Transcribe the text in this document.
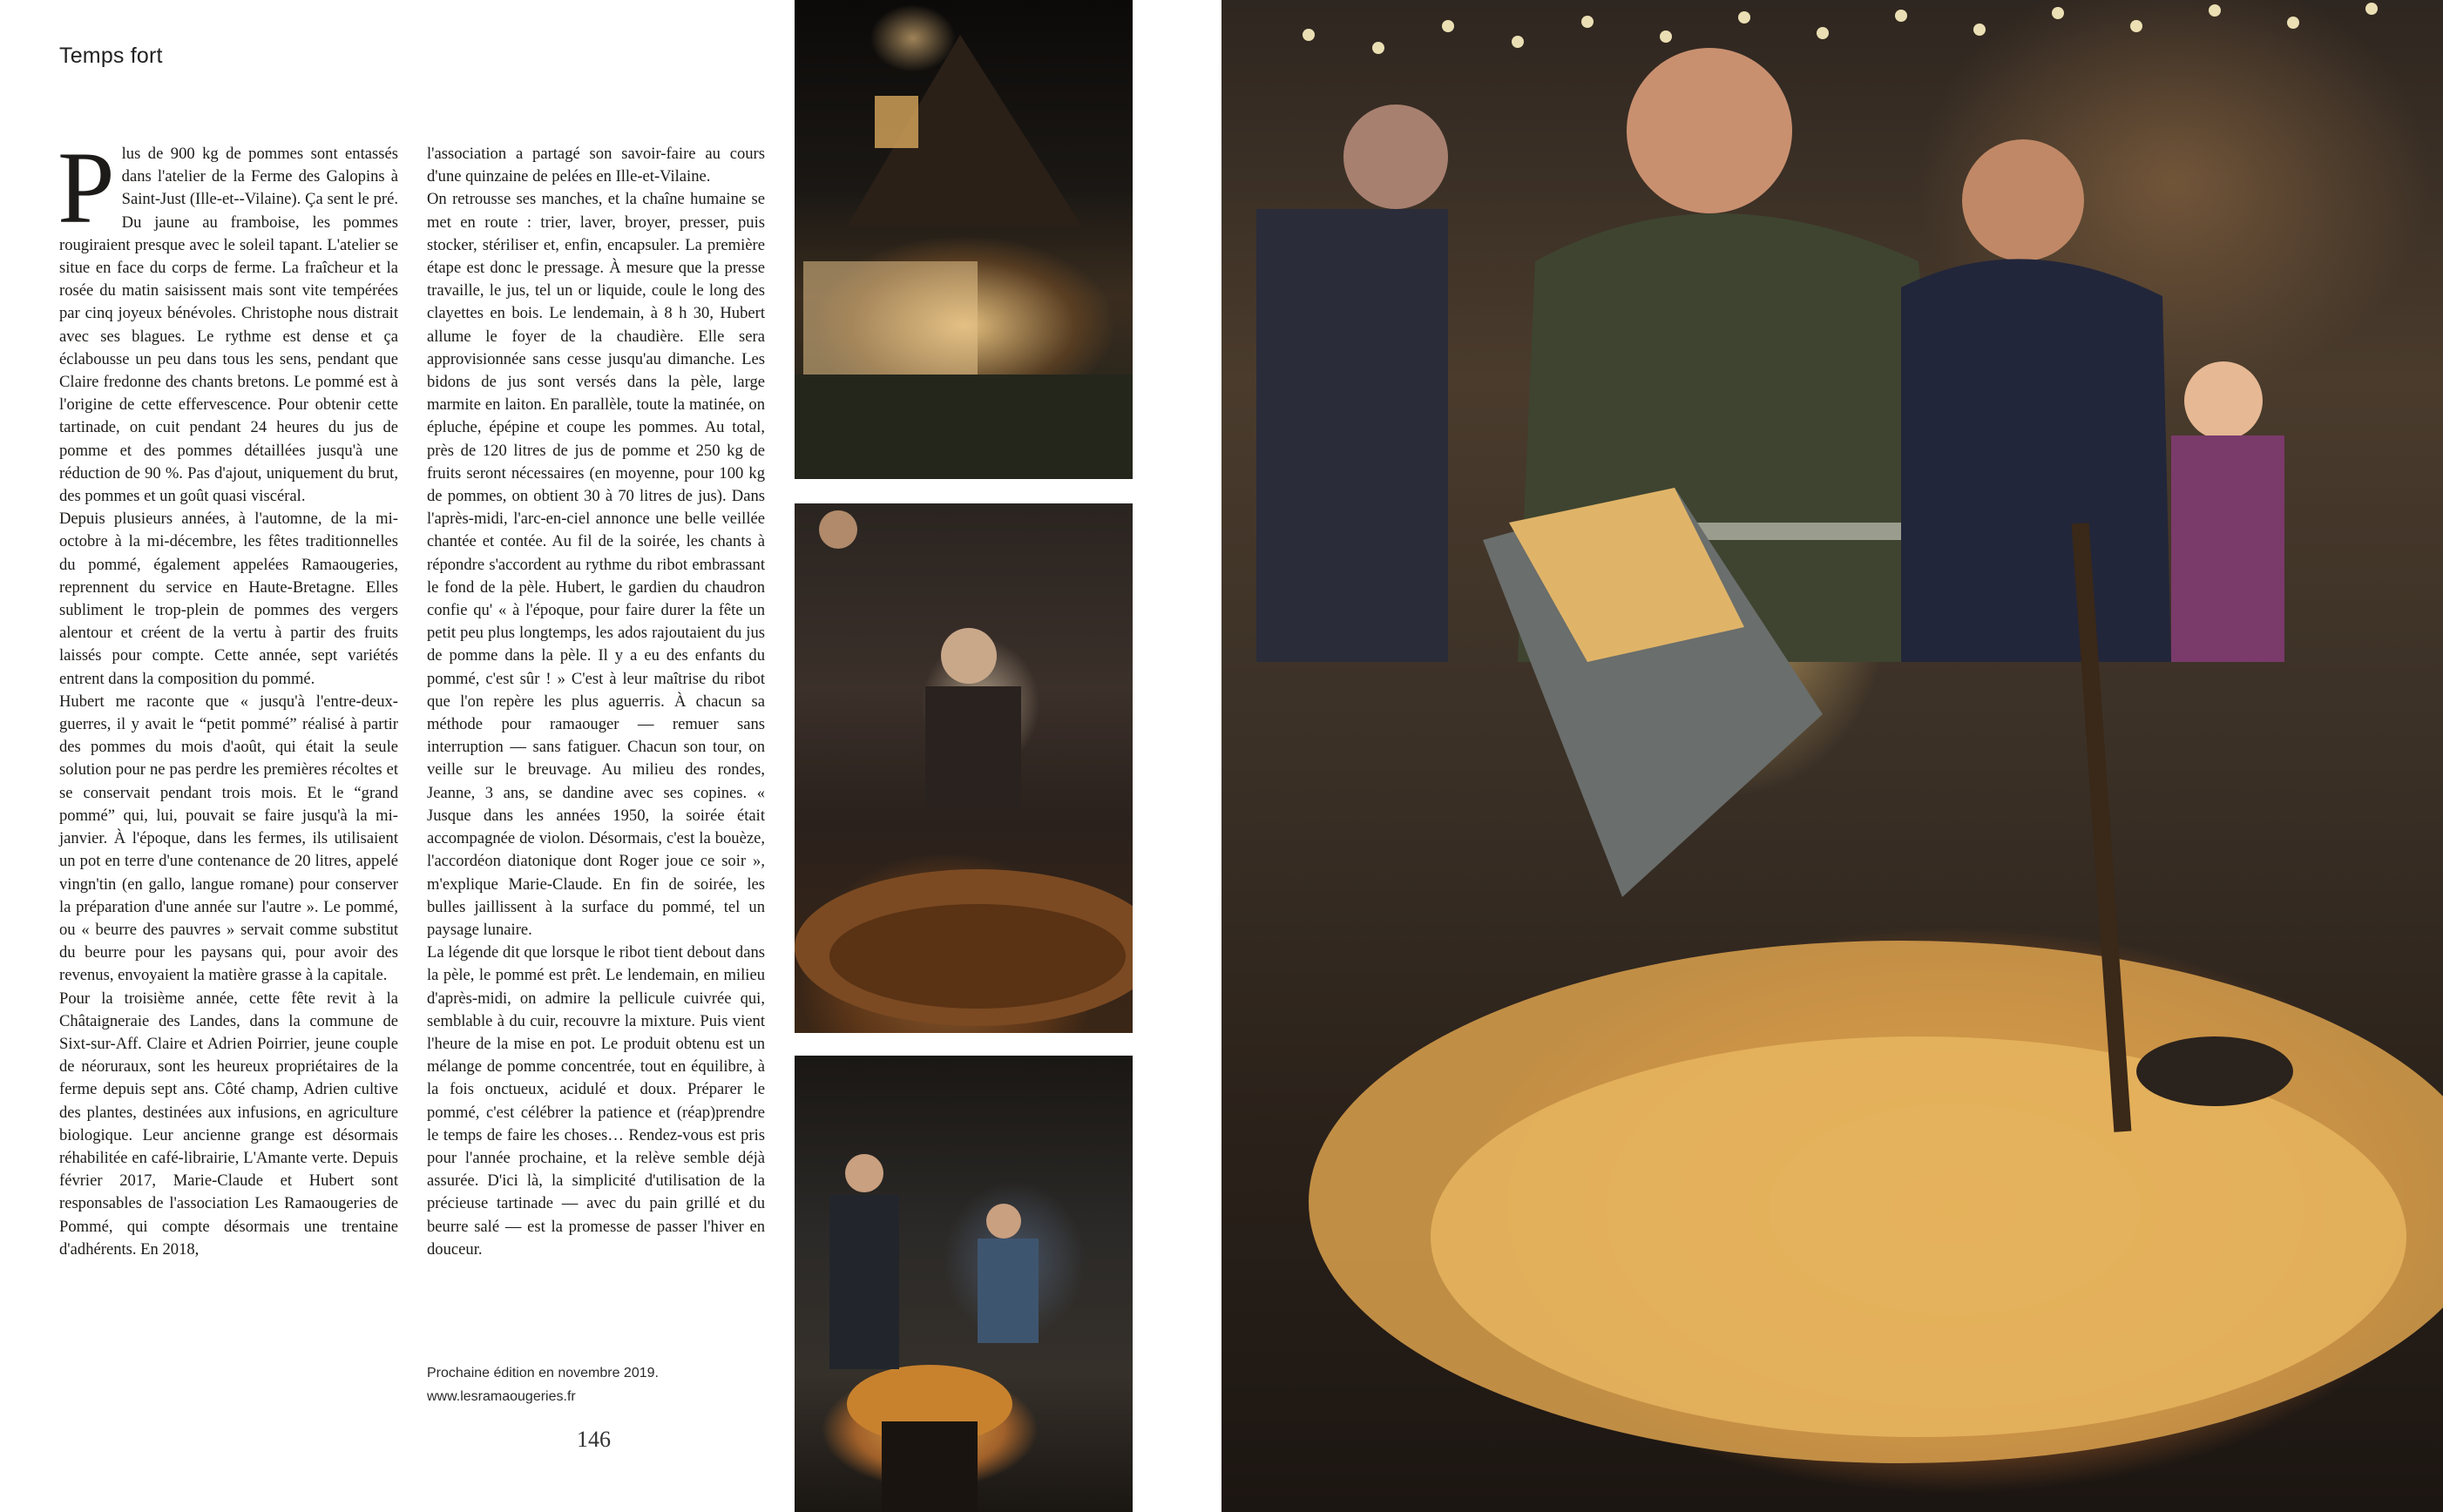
Temps fort

Plus de 900 kg de pommes sont entassés dans l'atelier de la Ferme des Galopins à Saint-Just (Ille-et--Vilaine). Ça sent le pré. Du jaune au framboise, les pommes rougiraient presque avec le soleil tapant. L'atelier se situe en face du corps de ferme. La fraîcheur et la rosée du matin saisissent mais sont vite tempérées par cinq joyeux bénévoles. Christophe nous distrait avec ses blagues. Le rythme est dense et ça éclabousse un peu dans tous les sens, pendant que Claire fredonne des chants bretons. Le pommé est à l'origine de cette effervescence. Pour obtenir cette tartinade, on cuit pendant 24 heures du jus de pomme et des pommes détaillées jusqu'à une réduction de 90 %. Pas d'ajout, uniquement du brut, des pommes et un goût quasi viscéral.

Depuis plusieurs années, à l'automne, de la mi-octobre à la mi-décembre, les fêtes traditionnelles du pommé, également appelées Ramaougeries, reprennent du service en Haute-Bretagne. Elles subliment le trop-plein de pommes des vergers alentour et créent de la vertu à partir des fruits laissés pour compte. Cette année, sept variétés entrent dans la composition du pommé.

Hubert me raconte que « jusqu'à l'entre-deux-guerres, il y avait le “petit pommé” réalisé à partir des pommes du mois d'août, qui était la seule solution pour ne pas perdre les premières récoltes et se conservait pendant trois mois. Et le “grand pommé” qui, lui, pouvait se faire jusqu'à la mi-janvier. À l'époque, dans les fermes, ils utilisaient un pot en terre d'une contenance de 20 litres, appelé vingn'tin (en gallo, langue romane) pour conserver la préparation d'une année sur l'autre ». Le pommé, ou « beurre des pauvres » servait comme substitut du beurre pour les paysans qui, pour avoir des revenus, envoyaient la matière grasse à la capitale.

Pour la troisième année, cette fête revit à la Châtaigneraie des Landes, dans la commune de Sixt-sur-Aff. Claire et Adrien Poirrier, jeune couple de néoruraux, sont les heureux propriétaires de la ferme depuis sept ans. Côté champ, Adrien cultive des plantes, destinées aux infusions, en agriculture biologique. Leur ancienne grange est désormais réhabilitée en café-librairie, L'Amante verte. Depuis février 2017, Marie-Claude et Hubert sont responsables de l'association Les Ramaougeries de Pommé, qui compte désormais une trentaine d'adhérents. En 2018,

l'association a partagé son savoir-faire au cours d'une quinzaine de pelées en Ille-et-Vilaine.

On retrousse ses manches, et la chaîne humaine se met en route : trier, laver, broyer, presser, puis stocker, stériliser et, enfin, encapsuler. La première étape est donc le pressage. À mesure que la presse travaille, le jus, tel un or liquide, coule le long des clayettes en bois. Le lendemain, à 8 h 30, Hubert allume le foyer de la chaudière. Elle sera approvisionnée sans cesse jusqu'au dimanche. Les bidons de jus sont versés dans la pèle, large marmite en laiton. En parallèle, toute la matinée, on épluche, épépine et coupe les pommes. Au total, près de 120 litres de jus de pomme et 250 kg de fruits seront nécessaires (en moyenne, pour 100 kg de pommes, on obtient 30 à 70 litres de jus). Dans l'après-midi, l'arc-en-ciel annonce une belle veillée chantée et contée. Au fil de la soirée, les chants à répondre s'accordent au rythme du ribot embrassant le fond de la pèle. Hubert, le gardien du chaudron confie qu' « à l'époque, pour faire durer la fête un petit peu plus longtemps, les ados rajoutaient du jus de pomme dans la pèle. Il y a eu des enfants du pommé, c'est sûr ! » C'est à leur maîtrise du ribot que l'on repère les plus aguerris. À chacun sa méthode pour ramaouger — remuer sans interruption — sans fatiguer. Chacun son tour, on veille sur le breuvage. Au milieu des rondes, Jeanne, 3 ans, se dandine avec ses copines. « Jusque dans les années 1950, la soirée était accompagnée de violon. Désormais, c'est la bouèze, l'accordéon diatonique dont Roger joue ce soir », m'explique Marie-Claude. En fin de soirée, les bulles jaillissent à la surface du pommé, tel un paysage lunaire.

La légende dit que lorsque le ribot tient debout dans la pèle, le pommé est prêt. Le lendemain, en milieu d'après-midi, on admire la pellicule cuivrée qui, semblable à du cuir, recouvre la mixture. Puis vient l'heure de la mise en pot. Le produit obtenu est un mélange de pomme concentrée, tout en équilibre, à la fois onctueux, acidulé et doux. Préparer le pommé, c'est célébrer la patience et (réap)prendre le temps de faire les choses… Rendez-vous est pris pour l'année prochaine, et la relève semble déjà assurée. D'ici là, la simplicité d'utilisation de la précieuse tartinade — avec du pain grillé et du beurre salé — est la promesse de passer l'hiver en douceur.

Prochaine édition en novembre 2019.
www.lesramaougeries.fr
146
